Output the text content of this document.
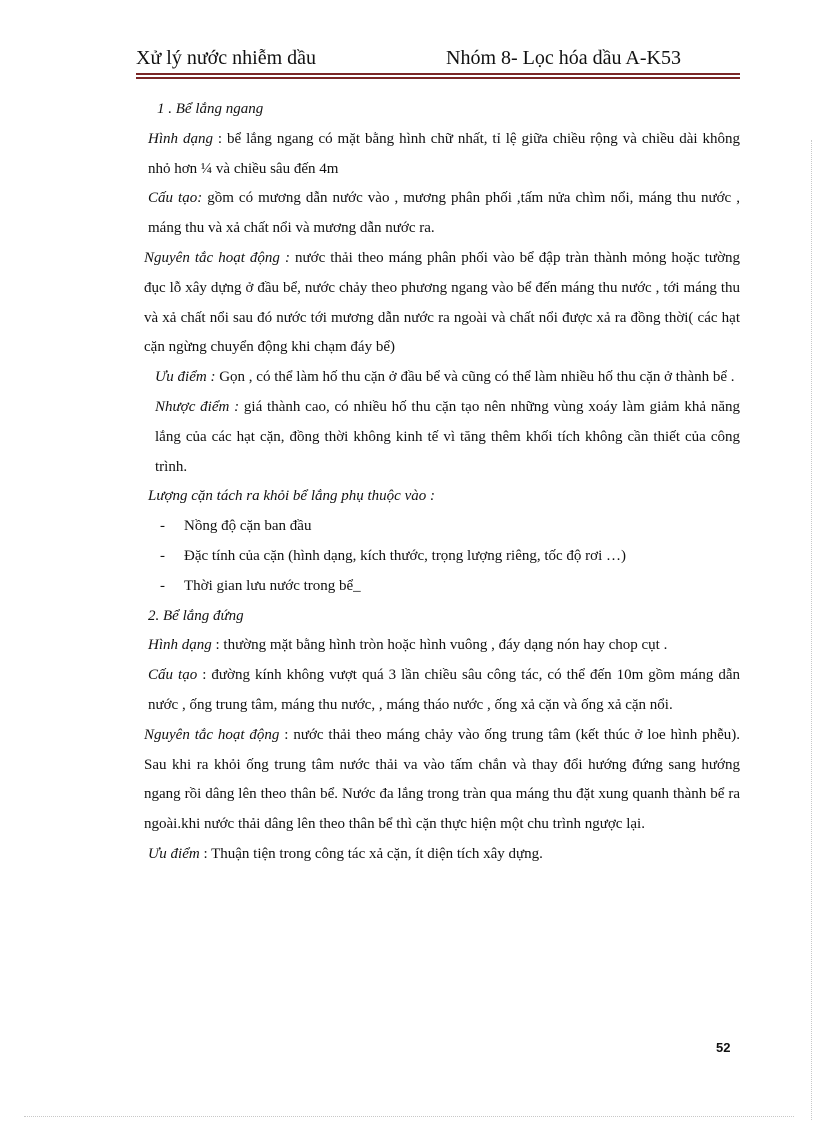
Xử lý nước nhiễm dầu	Nhóm 8- Lọc hóa dầu A-K53

1 . Bể lắng ngang

Hình dạng : bể lắng ngang có mặt bằng hình chữ nhất, tỉ lệ giữa chiều rộng và chiều dài không nhỏ hơn ¼ và chiều sâu đến 4m

Cấu tạo: gồm có mương dẫn nước vào , mương phân phối ,tấm nửa chìm nổi, máng thu nước , máng thu và xả chất nổi và mương dẫn nước ra.

Nguyên tắc hoạt động : nước thải theo máng phân phối vào bể đập tràn thành mỏng hoặc tường đục lỗ xây dựng ở đầu bể, nước chảy theo phương ngang vào bể đến máng thu nước , tới máng thu và xả chất nổi sau đó nước tới mương dẫn nước ra ngoài và chất nổi được xả ra đồng thời( các hạt cặn ngừng chuyển động khi chạm đáy bể)

Ưu điểm : Gọn , có thể làm hố thu cặn ở đầu bể và cũng có thể làm nhiều hố thu cặn ở thành bể .

Nhược điểm : giá thành cao, có nhiều hố thu cặn tạo nên những vùng xoáy làm giảm khả năng lắng của các hạt cặn, đồng thời không kinh tế vì tăng thêm khối tích không cần thiết của công trình.

Lượng cặn tách ra khỏi bể lắng phụ thuộc vào :

- Nồng độ cặn ban đầu

- Đặc tính của cặn (hình dạng, kích thước, trọng lượng riêng, tốc độ rơi …)

- Thời gian lưu nước trong bể_

2. Bể lắng đứng

Hình dạng : thường mặt bằng hình tròn hoặc hình vuông , đáy dạng nón hay chop cụt .

Cấu tạo : đường kính không vượt quá 3 lần chiều sâu công tác, có thể đến 10m gồm máng dẫn nước , ống trung tâm, máng thu nước, , máng tháo nước , ống xả cặn và ống xả cặn nổi.

Nguyên tắc hoạt động : nước thải theo máng chảy vào ống trung tâm (kết thúc ở loe hình phễu). Sau khi ra khỏi ống trung tâm nước thải va vào tấm chắn và thay đổi hướng đứng sang hướng ngang rồi dâng lên theo thân bể. Nước đa lắng trong tràn qua máng thu đặt xung quanh thành bể ra ngoài.khi nước thải dâng lên theo thân bể thì cặn thực hiện một chu trình ngược lại.

Ưu điểm : Thuận tiện trong công tác xả cặn, ít diện tích xây dựng.

52
